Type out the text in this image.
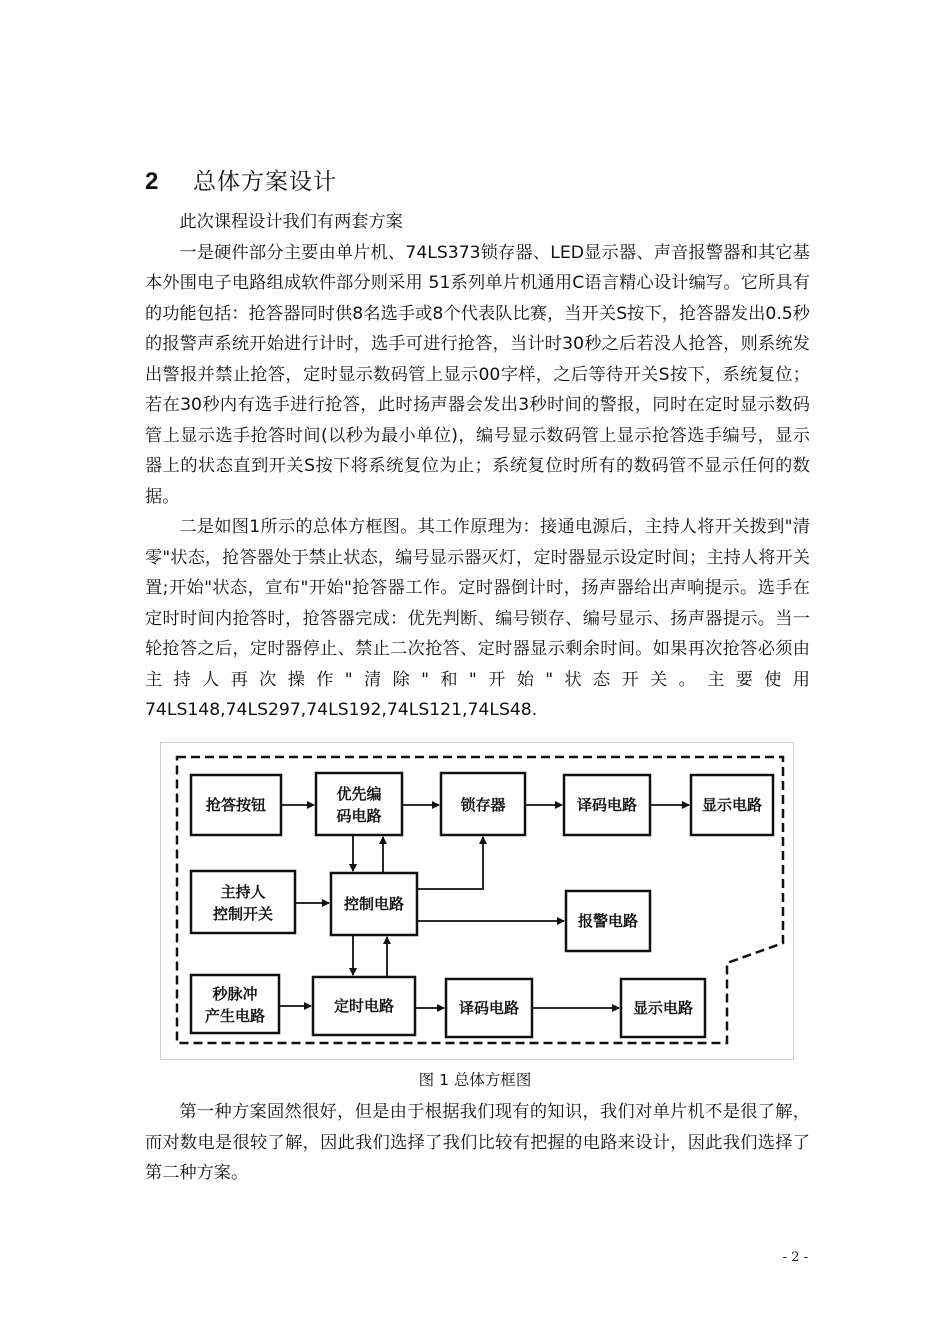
2	总体方案设计

此次课程设计我们有两套方案

一是硬件部分主要由单片机、74LS373锁存器、LED显示器、声音报警器和其它基本外围电子电路组成软件部分则采用 51系列单片机通用C语言精心设计编写。它所具有的功能包括：抢答器同时供8名选手或8个代表队比赛，当开关S按下，抢答器发出0.5秒的报警声系统开始进行计时，选手可进行抢答，当计时30秒之后若没人抢答，则系统发出警报并禁止抢答，定时显示数码管上显示00字样，之后等待开关S按下，系统复位；若在30秒内有选手进行抢答，此时扬声器会发出3秒时间的警报，同时在定时显示数码管上显示选手抢答时间(以秒为最小单位)，编号显示数码管上显示抢答选手编号，显示器上的状态直到开关S按下将系统复位为止；系统复位时所有的数码管不显示任何的数据。

二是如图1所示的总体方框图。其工作原理为：接通电源后，主持人将开关拨到"清零"状态，抢答器处于禁止状态，编号显示器灭灯，定时器显示设定时间；主持人将开关置;开始"状态，宣布"开始"抢答器工作。定时器倒计时，扬声器给出声响提示。选手在定时时间内抢答时，抢答器完成：优先判断、编号锁存、编号显示、扬声器提示。当一轮抢答之后，定时器停止、禁止二次抢答、定时器显示剩余时间。如果再次抢答必须由主持人再次操作"清除"和"开始"状态开关。主要使用74LS148,74LS297,74LS192,74LS121,74LS48.

抢答按钮
优先编
码电路
锁存器	译码电路	显示电路
主持人
控制开关
控制电路
报警电路
秒脉冲
产生电路
定时电路	译码电路	显示电路
图 1 总体方框图

第一种方案固然很好，但是由于根据我们现有的知识，我们对单片机不是很了解，而对数电是很较了解，因此我们选择了我们比较有把握的电路来设计，因此我们选择了第二种方案。

- 2 -
